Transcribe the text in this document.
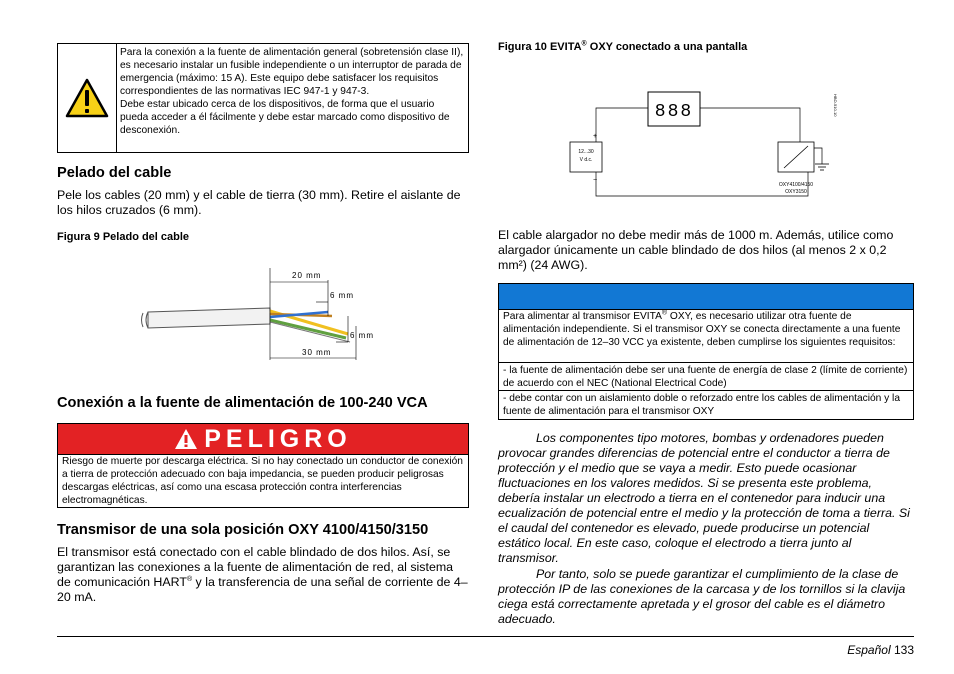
Para la conexión a la fuente de alimentación general (sobretensión clase II), es necesario instalar un fusible independiente o un interruptor de parada de emergencia (máximo: 15 A). Este equipo debe satisfacer los requisitos correspondientes de las normativas IEC 947-1 y 947-3.
Debe estar ubicado cerca de los dispositivos, de forma que el usuario pueda acceder a él fácilmente y debe estar marcado como dispositivo de desconexión.
Pelado del cable
Pele los cables (20 mm) y el cable de tierra (30 mm). Retire el aislante de los hilos cruzados (6 mm).
Figura 9 Pelado del cable
20 mm
6 mm
6 mm
30 mm
Conexión a la fuente de alimentación de 100-240 VCA
PELIGRO
Riesgo de muerte por descarga eléctrica. Si no hay conectado un conductor de conexión a tierra de protección adecuado con baja impedancia, se pueden producir peligrosas descargas eléctricas, así como una escasa protección contra interferencias electromagnéticas.
Transmisor de una sola posición OXY 4100/4150/3150
El transmisor está conectado con el cable blindado de dos hilos. Así, se garantizan las conexiones a la fuente de alimentación de red, al sistema de comunicación HART® y la transferencia de una señal de corriente de 4–20 mA.
Figura 10 EVITA® OXY conectado a una pantalla
888
12...30
V d.c.
+
−
OXY4100/4150
OXY3150
HBO-510-10
El cable alargador no debe medir más de 1000 m. Además, utilice como alargador únicamente un cable blindado de dos hilos (al menos 2 x 0,2 mm²) (24 AWG).
Para alimentar al transmisor EVITA® OXY, es necesario utilizar otra fuente de alimentación independiente. Si el transmisor OXY se conecta directamente a una fuente de alimentación de 12–30 VCC ya existente, deben cumplirse los siguientes requisitos:
- la fuente de alimentación debe ser una fuente de energía de clase 2 (límite de corriente) de acuerdo con el NEC (National Electrical Code)
- debe contar con un aislamiento doble o reforzado entre los cables de alimentación y la fuente de alimentación para el transmisor OXY
Los componentes tipo motores, bombas y ordenadores pueden provocar grandes diferencias de potencial entre el conductor a tierra de protección y el medio que se vaya a medir. Esto puede ocasionar fluctuaciones en los valores medidos. Si se presenta este problema, debería instalar un electrodo a tierra en el contenedor para inducir una ecualización de potencial entre el medio y la protección de toma a tierra. Si el caudal del contenedor es elevado, puede producirse un potencial estático local. En este caso, coloque el electrodo a tierra junto al transmisor.
Por tanto, solo se puede garantizar el cumplimiento de la clase de protección IP de las conexiones de la carcasa y de los tornillos si la clavija ciega está correctamente apretada y el grosor del cable es el diámetro adecuado.
Español 133
